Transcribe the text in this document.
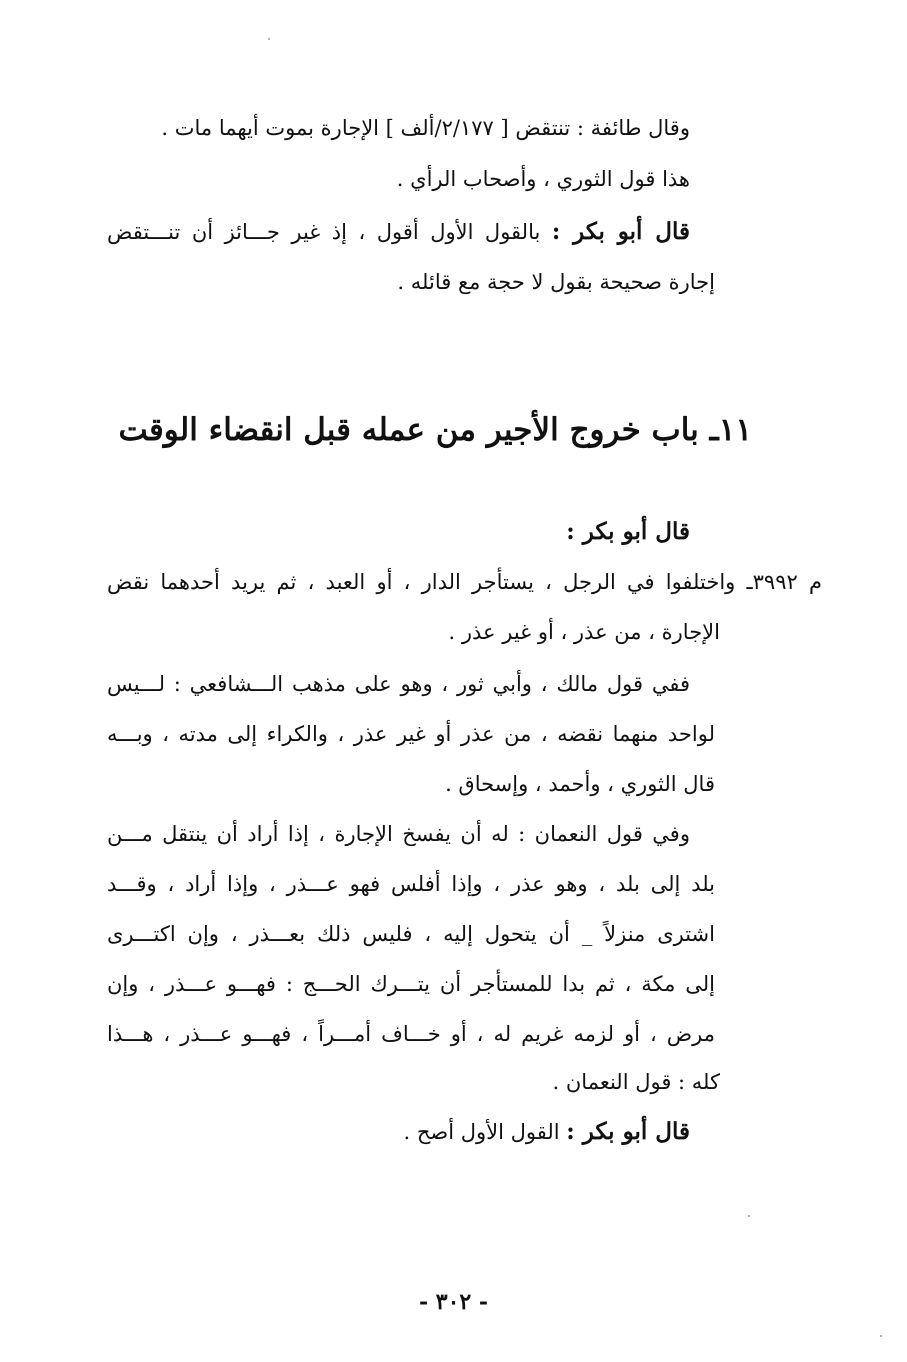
وقال طائفة : تنتقض [ ٢/١٧٧/ألف ] الإجارة بموت أيهما مات .
هذا قول الثوري ، وأصحاب الرأي .
قال أبو بكر : بالقول الأول أقول ، إذ غير جـــائز أن تنـــتقض
إجارة صحيحة بقول لا حجة مع قائله .
١١ـ باب خروج الأجير من عمله قبل انقضاء الوقت
قال أبو بكر :
م ٣٩٩٢ـ واختلفوا في الرجل ، يستأجر الدار ، أو العبد ، ثم يريد أحدهما نقض
الإجارة ، من عذر ، أو غير عذر .
ففي قول مالك ، وأبي ثور ، وهو على مذهب الـــشافعي : لـــيس
لواحد منهما نقضه ، من عذر أو غير عذر ، والكراء إلى مدته ، وبـــه
قال الثوري ، وأحمد ، وإسحاق .
وفي قول النعمان : له أن يفسخ الإجارة ، إذا أراد أن ينتقل مـــن
بلد إلى بلد ، وهو عذر ، وإذا أفلس فهو عـــذر ، وإذا أراد ، وقـــد
اشترى منزلاً _ أن يتحول إليه ، فليس ذلك بعـــذر ، وإن اكتـــرى
إلى مكة ، ثم بدا للمستأجر أن يتـــرك الحـــج : فهـــو عـــذر ، وإن
مرض ، أو لزمه غريم له ، أو خـــاف أمـــراً ، فهـــو عـــذر ، هـــذا
كله : قول النعمان .
قال أبو بكر : القول الأول أصح .
- ٣٠٢ -
